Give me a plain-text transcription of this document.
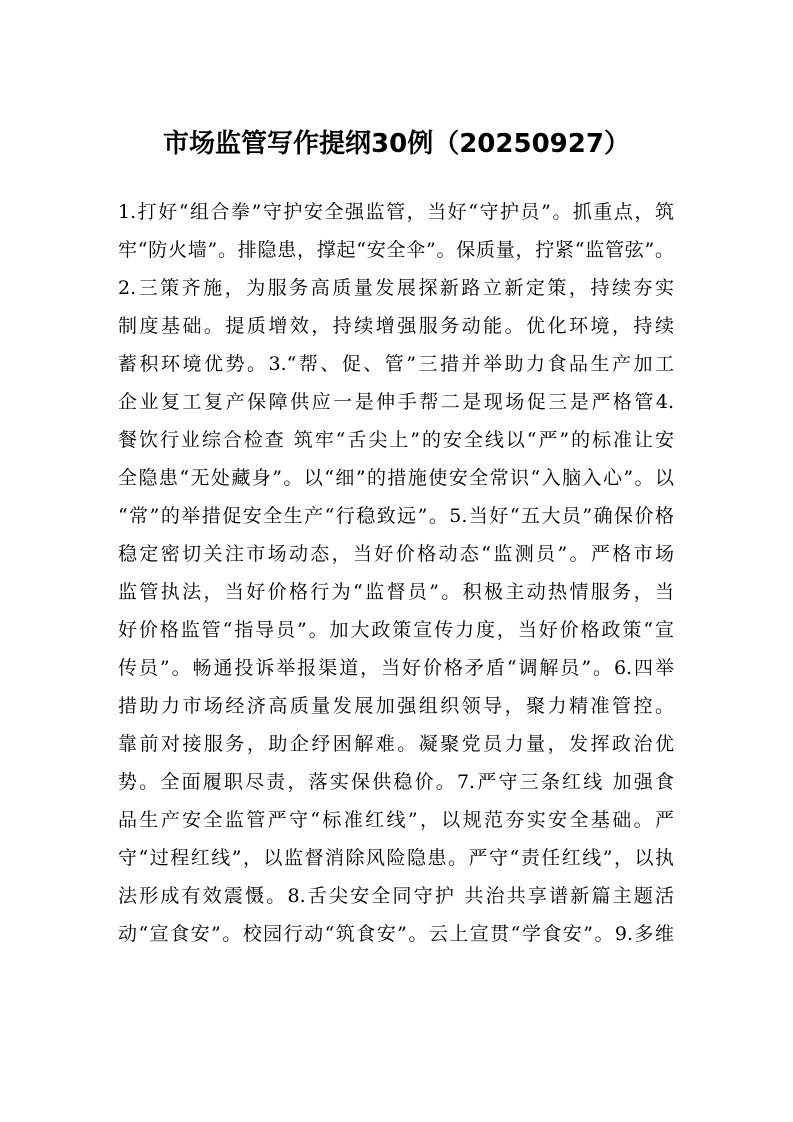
市场监管写作提纲30例（20250927）
1.打好“组合拳”守护安全强监管，当好“守护员”。抓重点，筑
牢“防火墙”。排隐患，撑起“安全伞”。保质量，拧紧“监管弦”。
2.三策齐施，为服务高质量发展探新路立新定策，持续夯实
制度基础。提质增效，持续增强服务动能。优化环境，持续
蓄积环境优势。3.“帮、促、管”三措并举助力食品生产加工
企业复工复产保障供应一是伸手帮二是现场促三是严格管4.
餐饮行业综合检查 筑牢“舌尖上”的安全线以“严”的标准让安
全隐患“无处藏身”。以“细”的措施使安全常识“入脑入心”。以
“常”的举措促安全生产“行稳致远”。5.当好“五大员”确保价格
稳定密切关注市场动态，当好价格动态“监测员”。严格市场
监管执法，当好价格行为“监督员”。积极主动热情服务，当
好价格监管“指导员”。加大政策宣传力度，当好价格政策“宣
传员”。畅通投诉举报渠道，当好价格矛盾“调解员”。6.四举
措助力市场经济高质量发展加强组织领导，聚力精准管控。
靠前对接服务，助企纾困解难。凝聚党员力量，发挥政治优
势。全面履职尽责，落实保供稳价。7.严守三条红线 加强食
品生产安全监管严守“标准红线”，以规范夯实安全基础。严
守“过程红线”，以监督消除风险隐患。严守“责任红线”，以执
法形成有效震慑。8.舌尖安全同守护 共治共享谱新篇主题活
动“宣食安”。校园行动“筑食安”。云上宣贯“学食安”。9.多维
